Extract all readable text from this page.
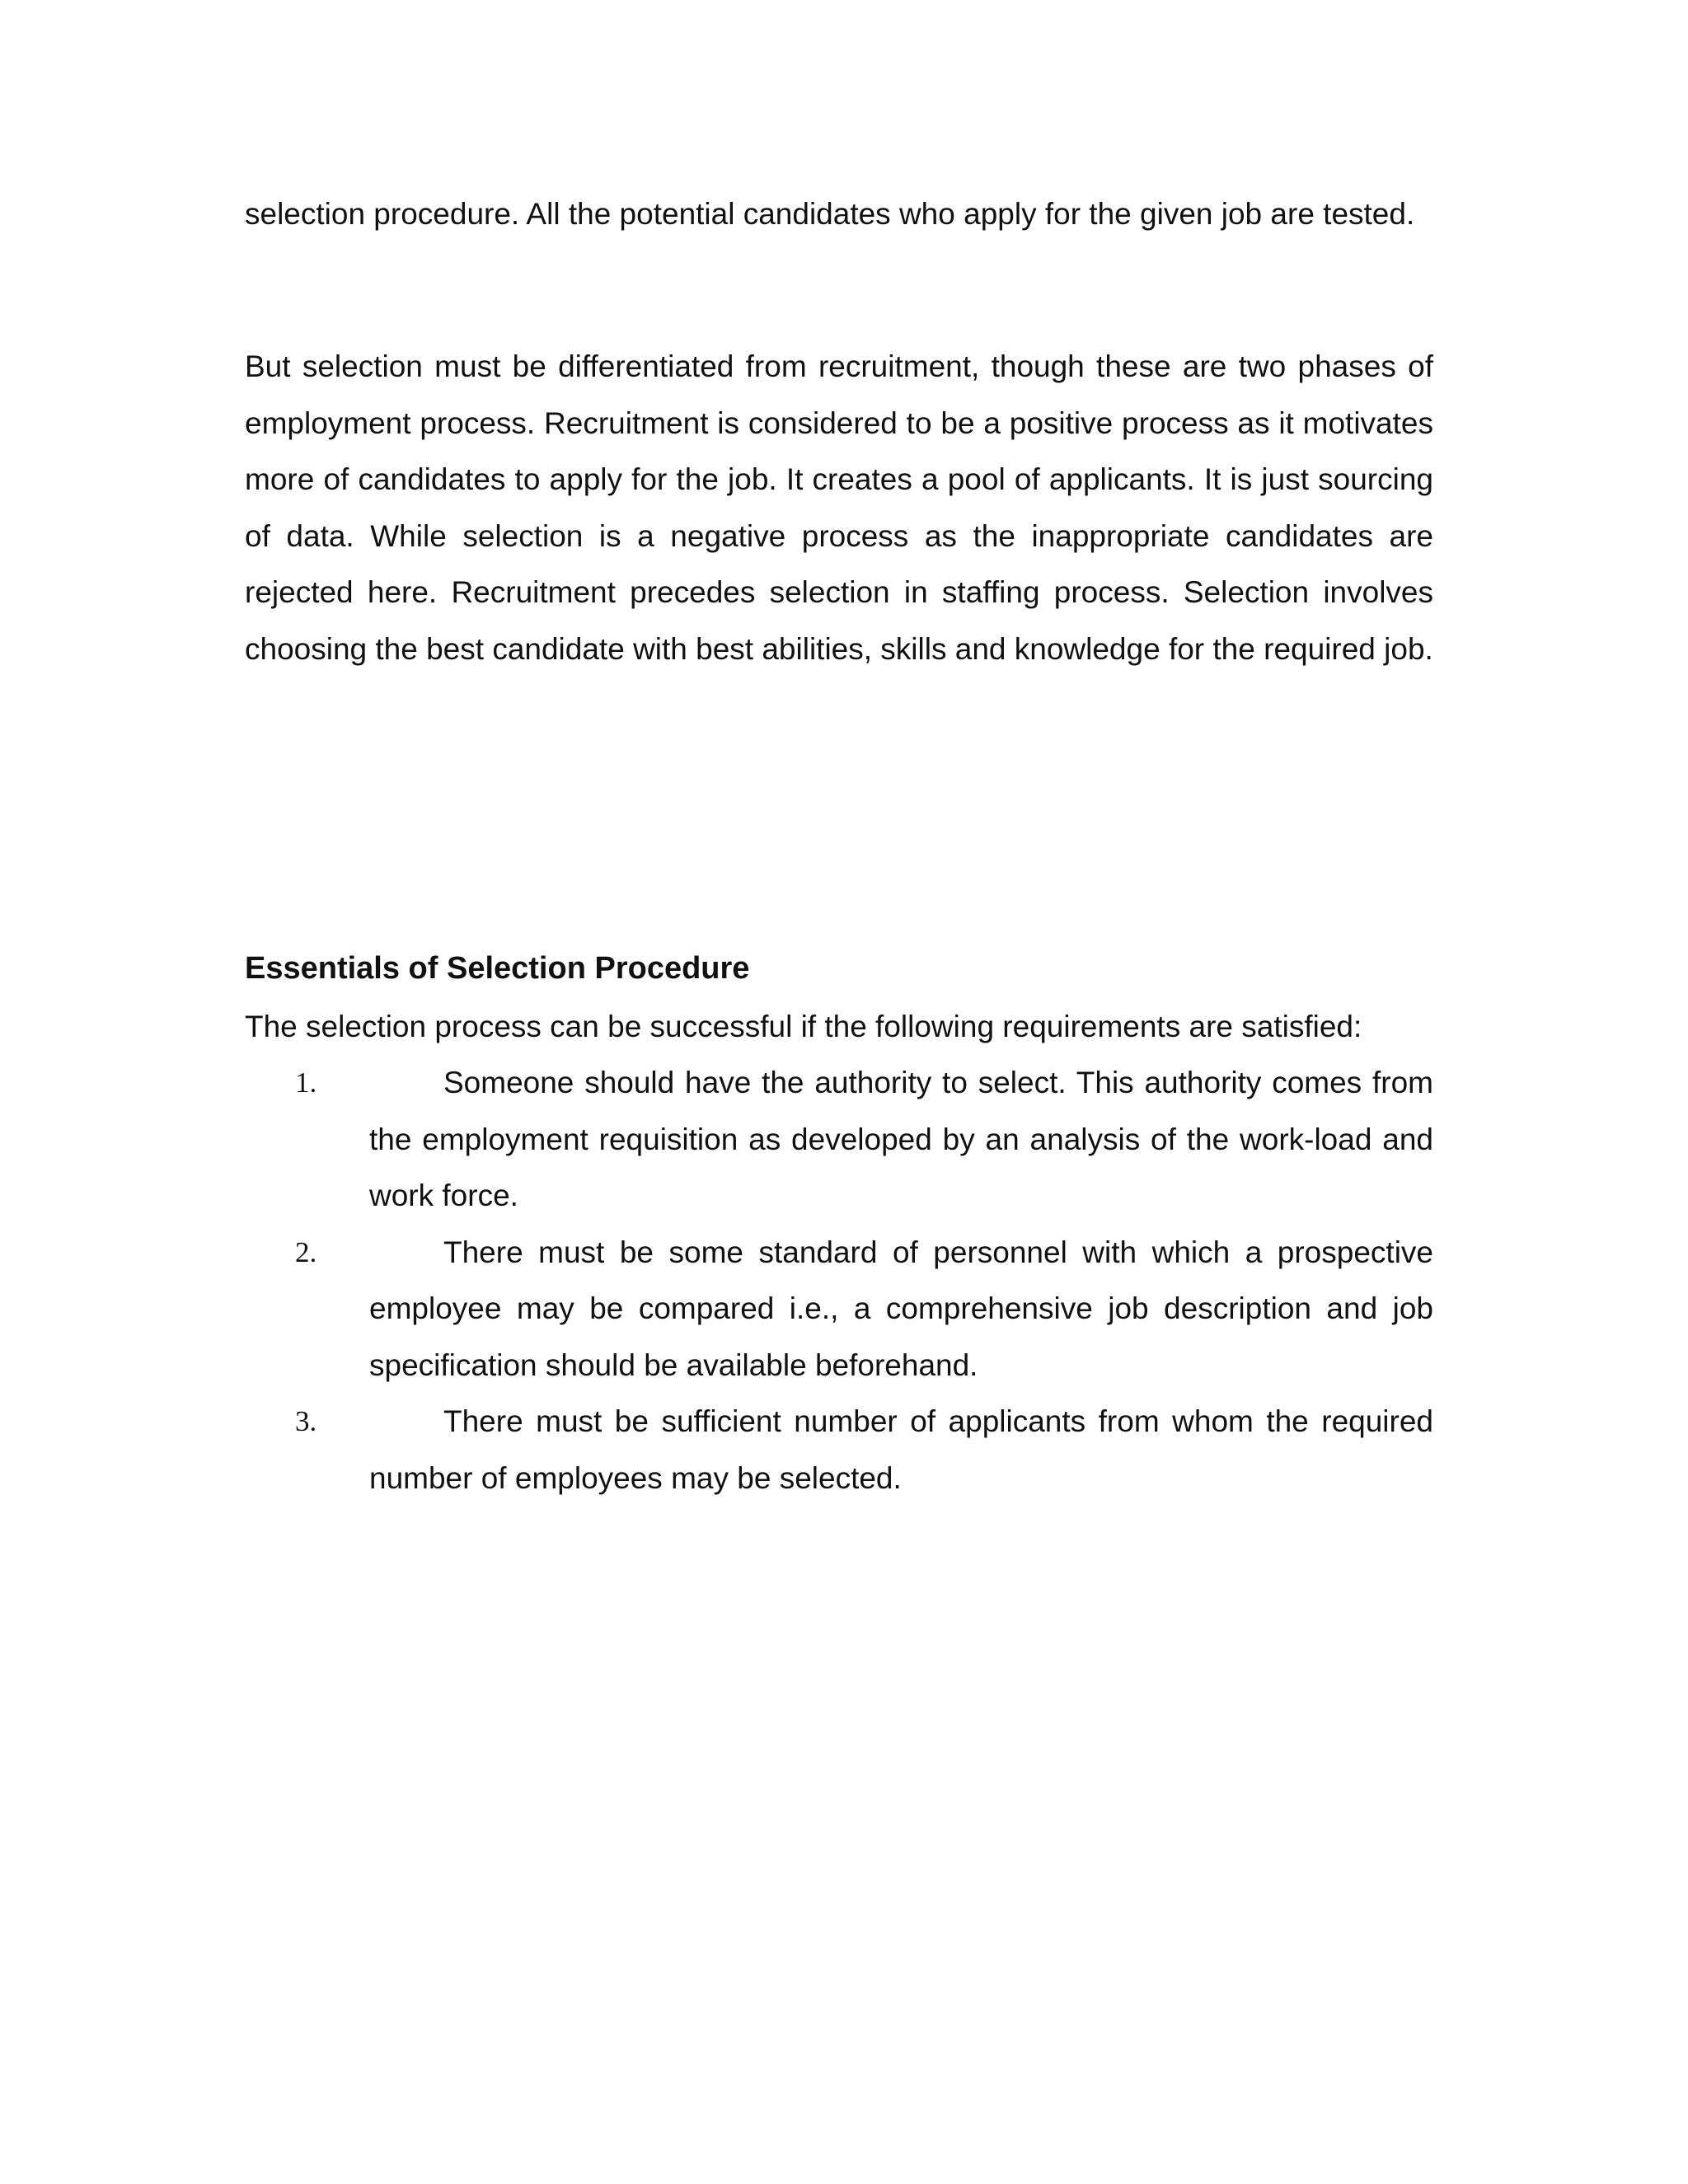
selection procedure. All the potential candidates who apply for the given job are tested.

But selection must be differentiated from recruitment, though these are two phases of employment process. Recruitment is considered to be a positive process as it motivates more of candidates to apply for the job. It creates a pool of applicants. It is just sourcing of data. While selection is a negative process as the inappropriate candidates are rejected here. Recruitment precedes selection in staffing process. Selection involves choosing the best candidate with best abilities, skills and knowledge for the required job.

Essentials of Selection Procedure

The selection process can be successful if the following requirements are satisfied:

1.	Someone should have the authority to select. This authority comes from the employment requisition as developed by an analysis of the work-load and work force.
2.	There must be some standard of personnel with which a prospective employee may be compared i.e., a comprehensive job description and job specification should be available beforehand.
3.	There must be sufficient number of applicants from whom the required number of employees may be selected.
